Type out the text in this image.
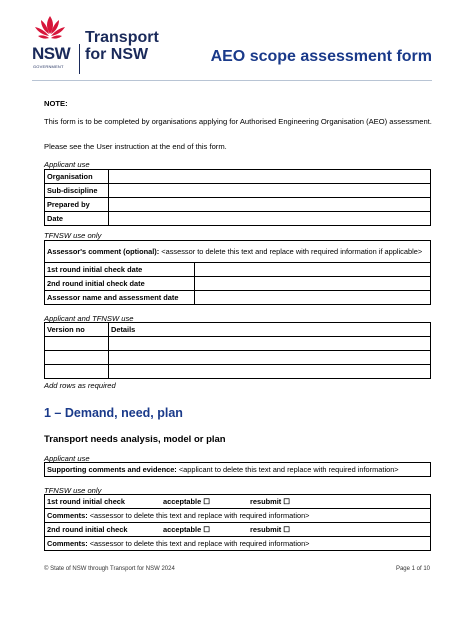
NSW
GOVERNMENT
Transport
for NSW	AEO scope assessment form
NOTE:
This form is to be completed by organisations applying for Authorised Engineering Organisation (AEO) assessment.
Please see the User instruction at the end of this form.
Applicant use
Organisation	
Sub-discipline	
Prepared by	
Date	
TFNSW use only
Assessor's comment (optional): <assessor to delete this text and replace with required information if applicable>	
1st round initial check date	
2nd round initial check date	
Assessor name and assessment date	
Applicant and TFNSW use
Version no	Details

Add rows as required
1 – Demand, need, plan
Transport needs analysis, model or plan
Applicant use
Supporting comments and evidence: <applicant to delete this text and replace with required information>
TFNSW use only
1st round initial check	acceptable ☐	resubmit ☐
Comments: <assessor to delete this text and replace with required information>
2nd round initial check	acceptable ☐	resubmit ☐
Comments: <assessor to delete this text and replace with required information>
© State of NSW through Transport for NSW 2024	Page 1 of 10
